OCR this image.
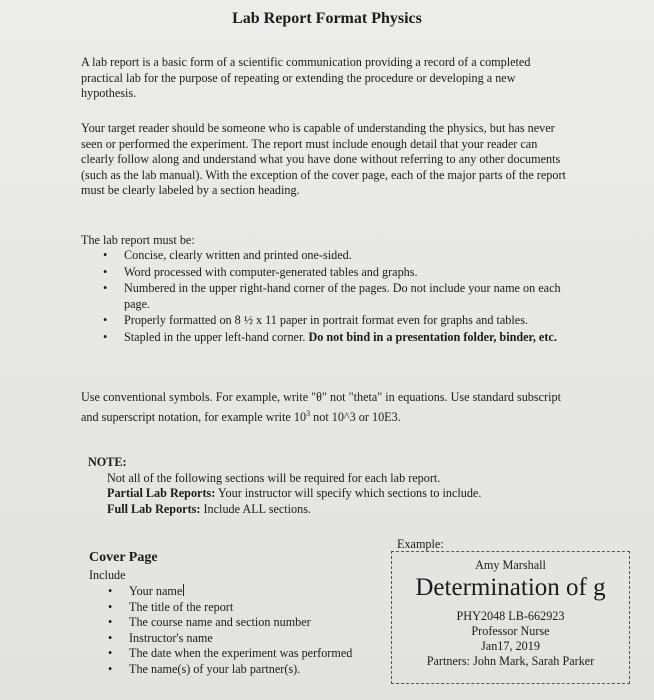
Lab Report Format Physics
A lab report is a basic form of a scientific communication providing a record of a completed practical lab for the purpose of repeating or extending the procedure or developing a new hypothesis.
Your target reader should be someone who is capable of understanding the physics, but has never seen or performed the experiment. The report must include enough detail that your reader can clearly follow along and understand what you have done without referring to any other documents (such as the lab manual). With the exception of the cover page, each of the major parts of the report must be clearly labeled by a section heading.
The lab report must be:
• Concise, clearly written and printed one-sided.
• Word processed with computer-generated tables and graphs.
• Numbered in the upper right-hand corner of the pages. Do not include your name on each page.
• Properly formatted on 8 ½ x 11 paper in portrait format even for graphs and tables.
• Stapled in the upper left-hand corner. Do not bind in a presentation folder, binder, etc.
Use conventional symbols. For example, write "θ" not "theta" in equations. Use standard subscript and superscript notation, for example write $10^3$ not 10^3 or 10E3.
NOTE:
Not all of the following sections will be required for each lab report.
Partial Lab Reports: Your instructor will specify which sections to include.
Full Lab Reports: Include ALL sections.
Cover Page
Include
• Your name
• The title of the report
• The course name and section number
• Instructor's name
• The date when the experiment was performed
• The name(s) of your lab partner(s).
Example:
Amy Marshall
Determination of g
PHY2048 LB-662923
Professor Nurse
Jan17, 2019
Partners: John Mark, Sarah Parker
